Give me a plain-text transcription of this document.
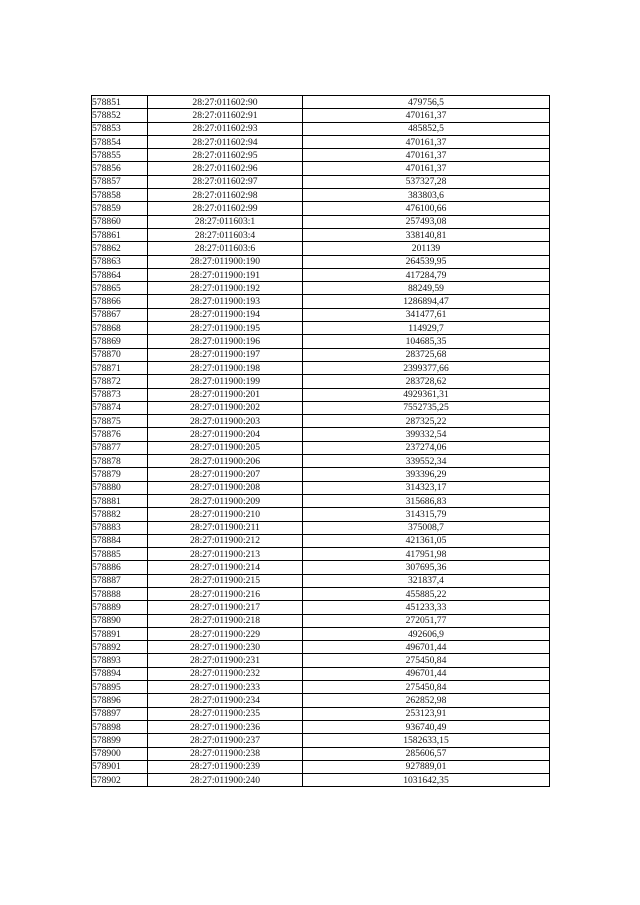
578851	28:27:011602:90	479756,5
578852	28:27:011602:91	470161,37
578853	28:27:011602:93	485852,5
578854	28:27:011602:94	470161,37
578855	28:27:011602:95	470161,37
578856	28:27:011602:96	470161,37
578857	28:27:011602:97	537327,28
578858	28:27:011602:98	383803,6
578859	28:27:011602:99	476100,66
578860	28:27:011603:1	257493,08
578861	28:27:011603:4	338140,81
578862	28:27:011603:6	201139
578863	28:27:011900:190	264539,95
578864	28:27:011900:191	417284,79
578865	28:27:011900:192	88249,59
578866	28:27:011900:193	1286894,47
578867	28:27:011900:194	341477,61
578868	28:27:011900:195	114929,7
578869	28:27:011900:196	104685,35
578870	28:27:011900:197	283725,68
578871	28:27:011900:198	2399377,66
578872	28:27:011900:199	283728,62
578873	28:27:011900:201	4929361,31
578874	28:27:011900:202	7552735,25
578875	28:27:011900:203	287325,22
578876	28:27:011900:204	399332,54
578877	28:27:011900:205	237274,06
578878	28:27:011900:206	339552,34
578879	28:27:011900:207	393396,29
578880	28:27:011900:208	314323,17
578881	28:27:011900:209	315686,83
578882	28:27:011900:210	314315,79
578883	28:27:011900:211	375008,7
578884	28:27:011900:212	421361,05
578885	28:27:011900:213	417951,98
578886	28:27:011900:214	307695,36
578887	28:27:011900:215	321837,4
578888	28:27:011900:216	455885,22
578889	28:27:011900:217	451233,33
578890	28:27:011900:218	272051,77
578891	28:27:011900:229	492606,9
578892	28:27:011900:230	496701,44
578893	28:27:011900:231	275450,84
578894	28:27:011900:232	496701,44
578895	28:27:011900:233	275450,84
578896	28:27:011900:234	262852,98
578897	28:27:011900:235	253123,91
578898	28:27:011900:236	936740,49
578899	28:27:011900:237	1582633,15
578900	28:27:011900:238	285606,57
578901	28:27:011900:239	927889,01
578902	28:27:011900:240	1031642,35
